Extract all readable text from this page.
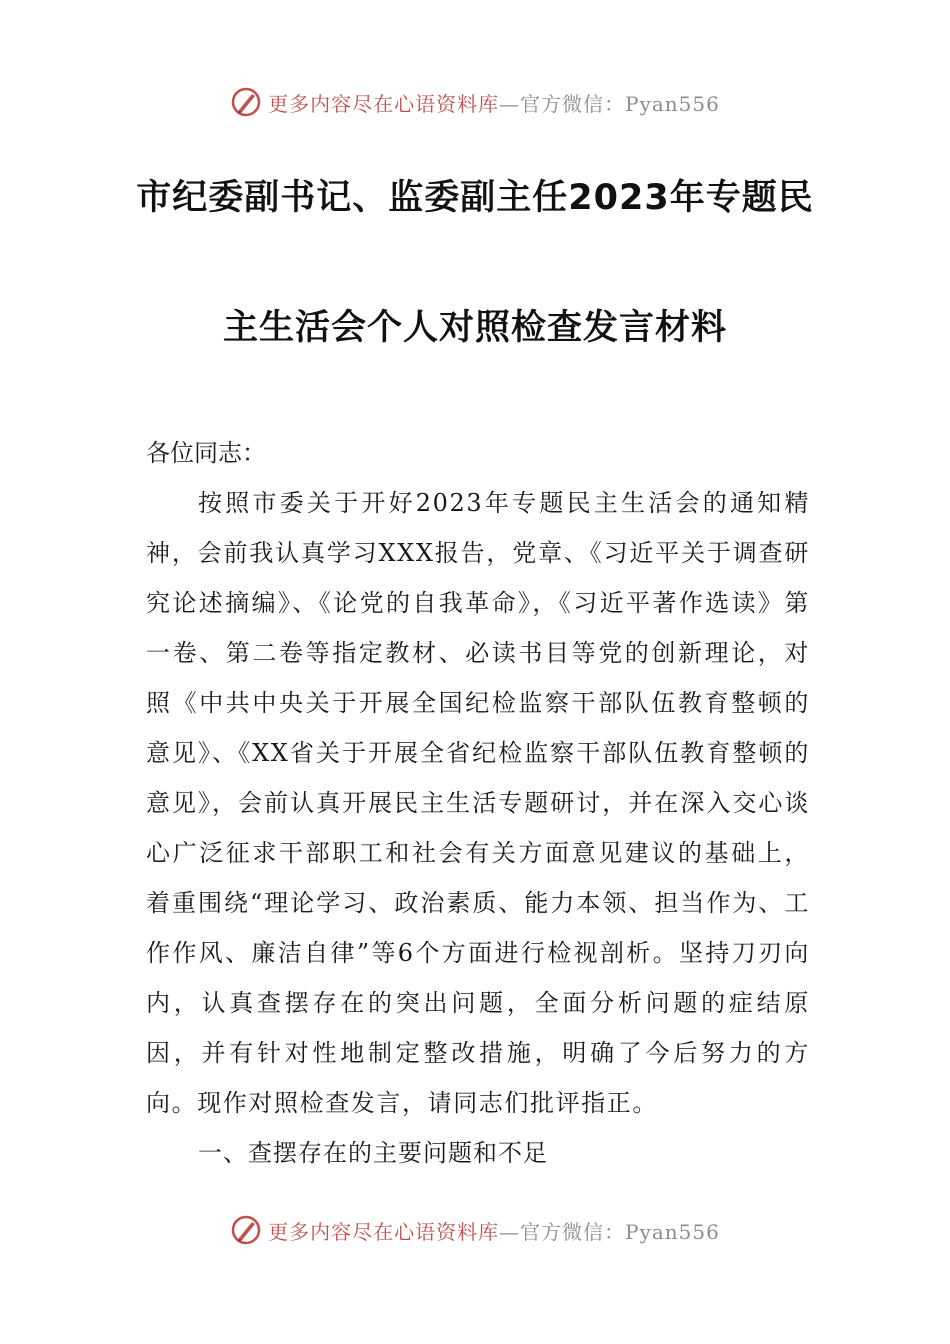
更多内容尽在心语资料库—官方微信：Pyan556
市纪委副书记、监委副主任2023年专题民
主生活会个人对照检查发言材料
各位同志：
按照市委关于开好2023年专题民主生活会的通知精神，会前我认真学习XXX报告，党章、《习近平关于调查研究论述摘编》、《论党的自我革命》，《习近平著作选读》第一卷、第二卷等指定教材、必读书目等党的创新理论，对照《中共中央关于开展全国纪检监察干部队伍教育整顿的意见》、《XX省关于开展全省纪检监察干部队伍教育整顿的意见》，会前认真开展民主生活专题研讨，并在深入交心谈心广泛征求干部职工和社会有关方面意见建议的基础上，着重围绕“理论学习、政治素质、能力本领、担当作为、工作作风、廉洁自律”等6个方面进行检视剖析。坚持刀刃向内，认真查摆存在的突出问题，全面分析问题的症结原因，并有针对性地制定整改措施，明确了今后努力的方向。现作对照检查发言，请同志们批评指正。
一、查摆存在的主要问题和不足
更多内容尽在心语资料库—官方微信：Pyan556
